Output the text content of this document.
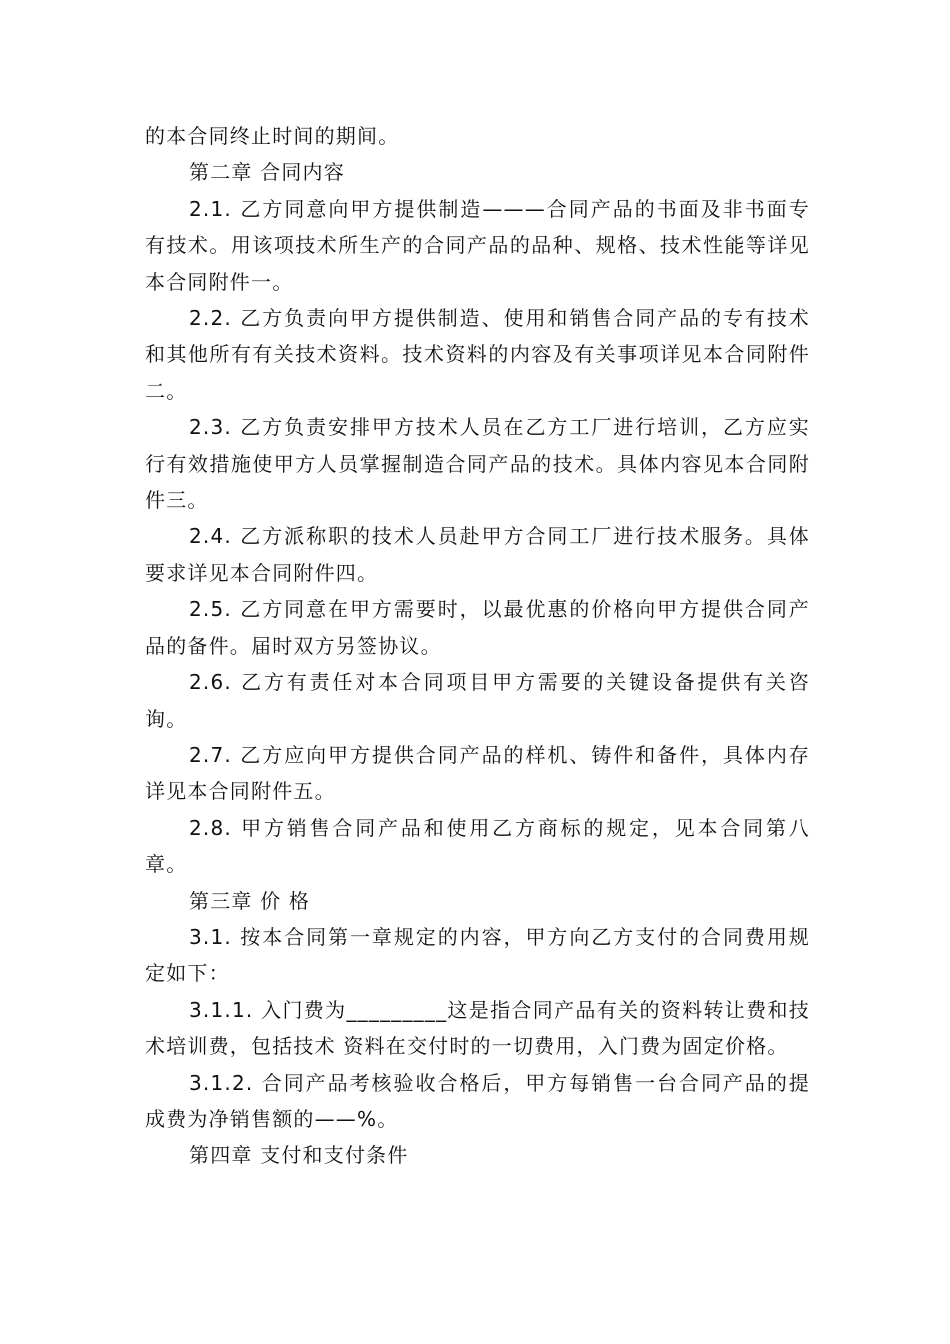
的本合同终止时间的期间。

第二章 合同内容

2.1. 乙方同意向甲方提供制造———合同产品的书面及非书面专有技术。用该项技术所生产的合同产品的品种、规格、技术性能等详见本合同附件一。

2.2. 乙方负责向甲方提供制造、使用和销售合同产品的专有技术和其他所有有关技术资料。技术资料的内容及有关事项详见本合同附件二。

2.3. 乙方负责安排甲方技术人员在乙方工厂进行培训，乙方应实行有效措施使甲方人员掌握制造合同产品的技术。具体内容见本合同附件三。

2.4. 乙方派称职的技术人员赴甲方合同工厂进行技术服务。具体要求详见本合同附件四。

2.5. 乙方同意在甲方需要时，以最优惠的价格向甲方提供合同产品的备件。届时双方另签协议。

2.6. 乙方有责任对本合同项目甲方需要的关键设备提供有关咨询。

2.7. 乙方应向甲方提供合同产品的样机、铸件和备件，具体内存详见本合同附件五。

2.8. 甲方销售合同产品和使用乙方商标的规定，见本合同第八章。

第三章 价 格

3.1. 按本合同第一章规定的内容，甲方向乙方支付的合同费用规定如下：

3.1.1. 入门费为_________这是指合同产品有关的资料转让费和技术培训费，包括技术 资料在交付时的一切费用，入门费为固定价格。

3.1.2. 合同产品考核验收合格后，甲方每销售一台合同产品的提成费为净销售额的——%。

第四章 支付和支付条件
